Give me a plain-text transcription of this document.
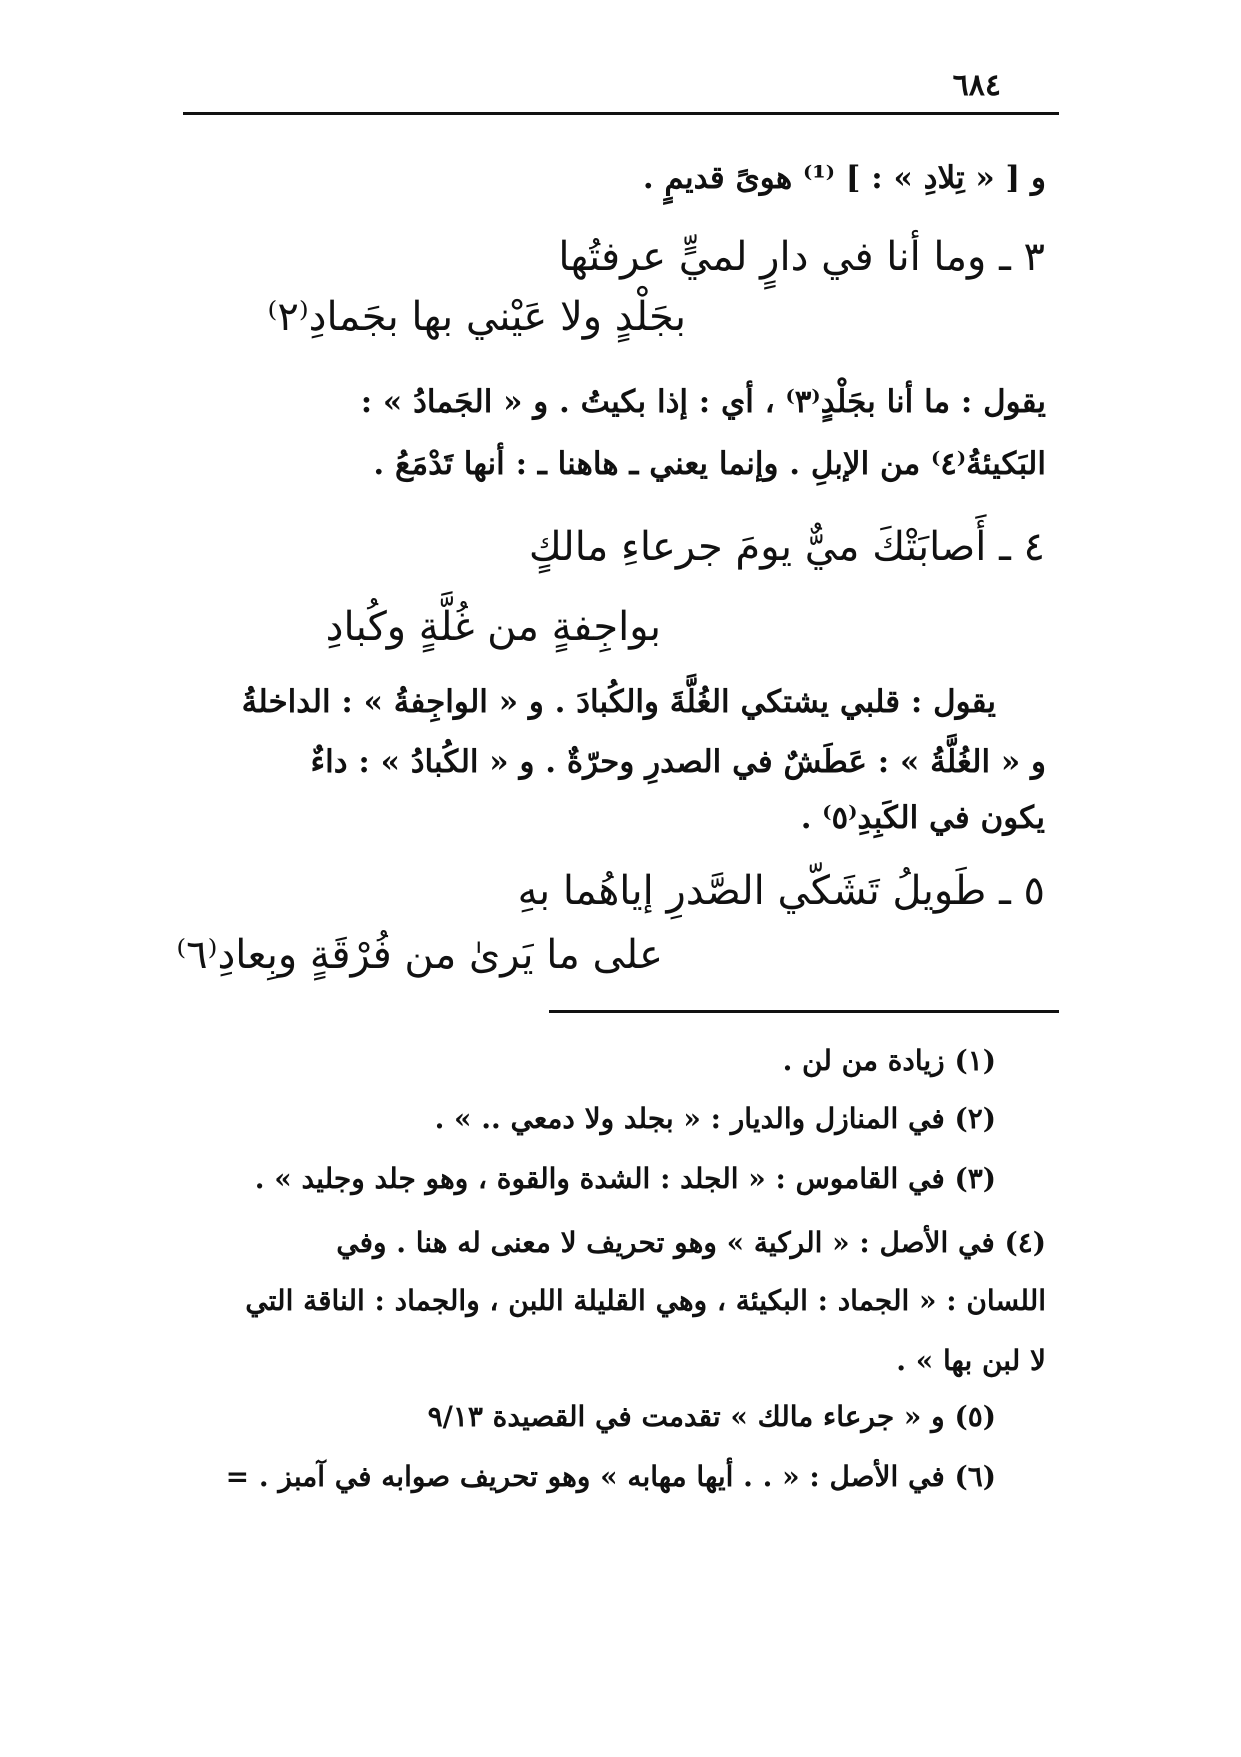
٦٨٤
و [ « تِلادِ » : ] ⁽¹⁾ هوىً قديمٍ .
٣ ـ وما أنا في دارٍ لميٍّ عرفتُها
بجَلْدٍ ولا عَيْني بها بجَمادِ⁽٢⁾
يقول : ما أنا بجَلْدٍ⁽٣⁾ ، أي : إذا بكيتُ . و « الجَمادُ » :
البَكيئةُ⁽٤⁾ من الإبلِ . وإنما يعني ـ هاهنا ـ : أنها تَدْمَعُ .
٤ ـ أَصابَتْكَ ميٌّ يومَ جرعاءِ مالكٍ
بواجِفةٍ من غُلَّةٍ وكُبادِ
يقول : قلبي يشتكي الغُلَّةَ والكُبادَ . و « الواجِفةُ » : الداخلةُ
و « الغُلَّةُ » : عَطَشٌ في الصدرِ وحرّةٌ . و « الكُبادُ » : داءٌ
يكون في الكَبِدِ⁽٥⁾ .
٥ ـ طَويلُ تَشَكّي الصَّدرِ إياهُما بهِ
على ما يَرىٰ من فُرْقَةٍ وبِعادِ⁽٦⁾
(١) زيادة من لن .
(٢) في المنازل والديار : « بجلد ولا دمعي .. » .
(٣) في القاموس : « الجلد : الشدة والقوة ، وهو جلد وجليد » .
(٤) في الأصل : « الركية » وهو تحريف لا معنى له هنا . وفي
اللسان : « الجماد : البكيئة ، وهي القليلة اللبن ، والجماد : الناقة التي
لا لبن بها » .
(٥) و « جرعاء مالك » تقدمت في القصيدة ٩/١٣
(٦) في الأصل : « . . أيها مهابه » وهو تحريف صوابه في آمبز . =
